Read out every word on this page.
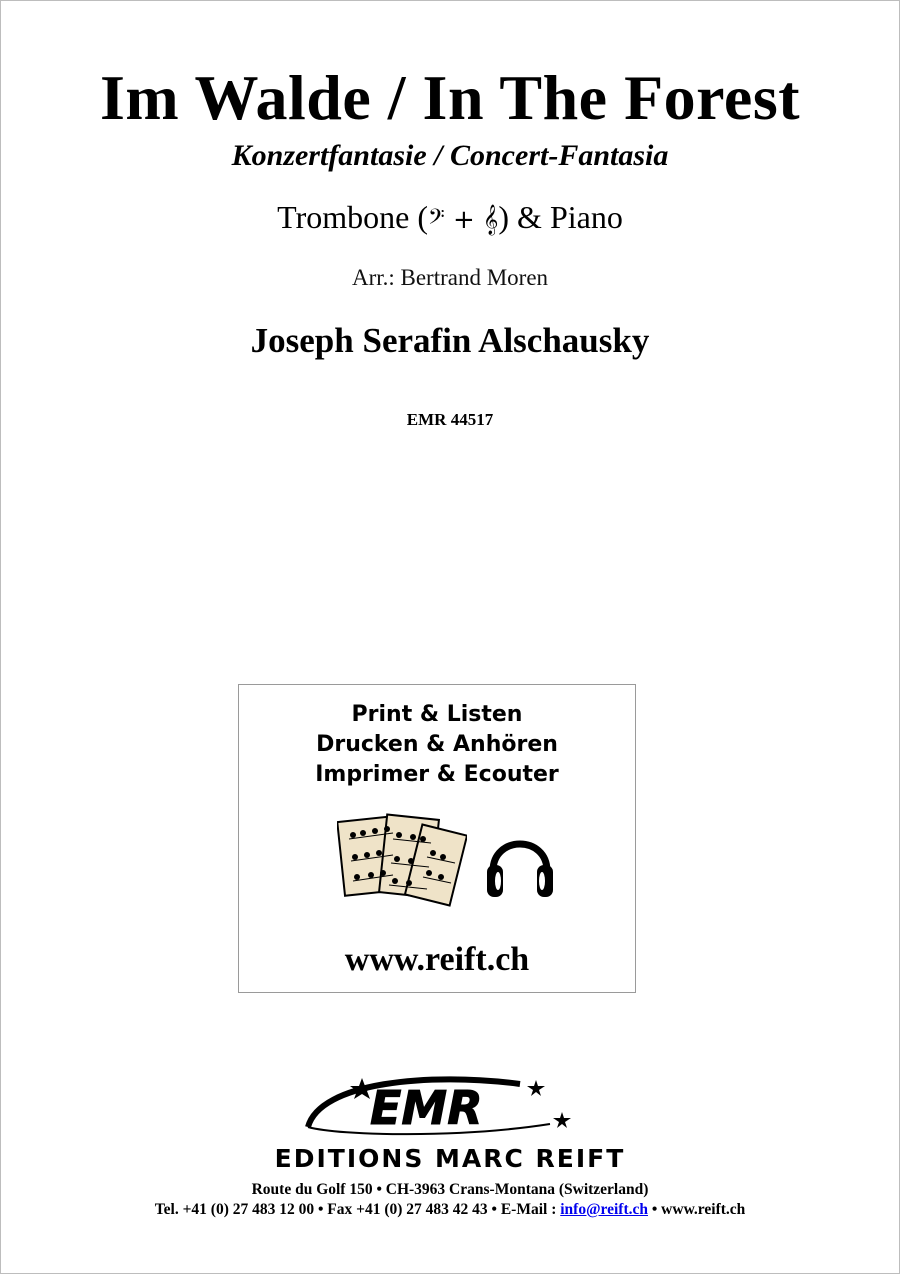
Im Walde / In The Forest
Konzertfantasie / Concert-Fantasia
Trombone (𝄢 + 𝄞) & Piano
Arr.: Bertrand Moren
Joseph Serafin Alschausky
EMR 44517
Print & Listen
Drucken & Anhören
Imprimer & Ecouter
www.reift.ch
EMR
EDITIONS MARC REIFT
Route du Golf 150 • CH-3963 Crans-Montana (Switzerland)
Tel. +41 (0) 27 483 12 00 • Fax +41 (0) 27 483 42 43 • E-Mail : info@reift.ch • www.reift.ch
